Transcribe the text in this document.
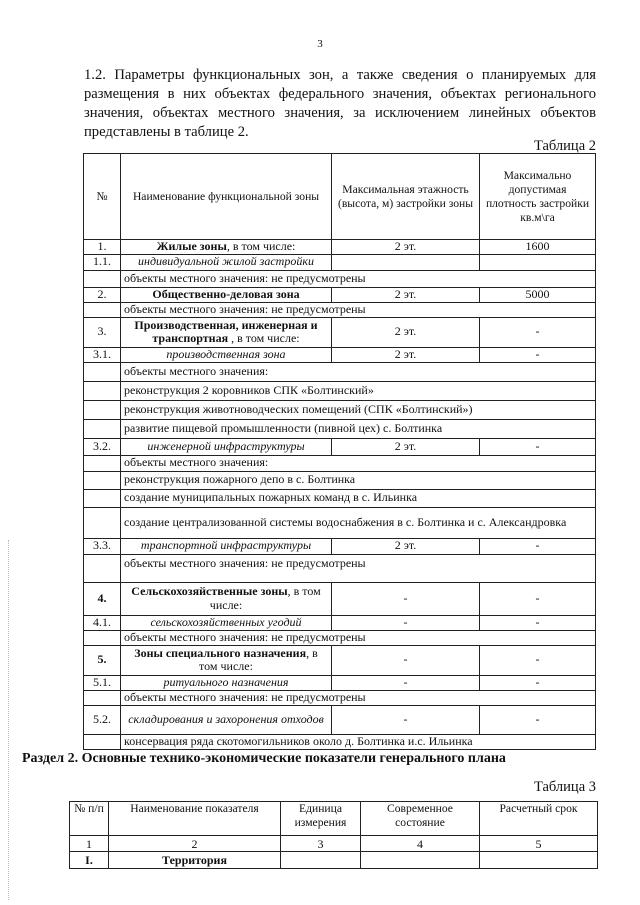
3

1.2. Параметры функциональных зон, а также сведения о планируемых для размещения в них объектах федерального значения, объектах регионального значения, объектах местного значения, за исключением линейных объектов представлены в таблице 2.

Таблица 2
№	Наименование функциональной зоны	Максимальная этажность (высота, м) застройки зоны	Максимально допустимая плотность застройки кв.м\га
1.	Жилые зоны, в том числе:	2 эт.	1600
1.1.	индивидуальной жилой застройки		
	объекты местного значения: не предусмотрены		
2.	Общественно-деловая зона	2 эт.	5000
	объекты местного значения: не предусмотрены		
3.	Производственная, инженерная и транспортная , в том числе:	2 эт.	-
3.1.	производственная зона	2 эт.	-
	объекты местного значения:		
	реконструкция 2 коровников СПК «Болтинский»		
	реконструкция животноводческих помещений (СПК «Болтинский»)		
	развитие пищевой промышленности (пивной цех) с. Болтинка		
3.2.	инженерной инфраструктуры	2 эт.	-
	объекты местного значения:		
	реконструкция пожарного депо в с. Болтинка		
	создание муниципальных пожарных команд в с. Ильинка		
	создание централизованной системы водоснабжения в с. Болтинка и с. Александровка		
3.3.	транспортной инфраструктуры	2 эт.	-
	объекты местного значения: не предусмотрены		
4.	Сельскохозяйственные зоны, в том числе:	-	-
4.1.	сельскохозяйственных угодий	-	-
	объекты местного значения: не предусмотрены		
5.	Зоны специального назначения, в том числе:	-	-
5.1.	ритуального назначения	-	-
	объекты местного значения: не предусмотрены		
5.2.	складирования и захоронения отходов	-	-
	консервация ряда скотомогильников около д. Болтинка и.с. Ильинка		
Раздел 2. Основные технико-экономические показатели генерального плана
Таблица 3
№ п/п	Наименование показателя	Единица измерения	Современное состояние	Расчетный срок
1	2	3	4	5
I.	Территория			
